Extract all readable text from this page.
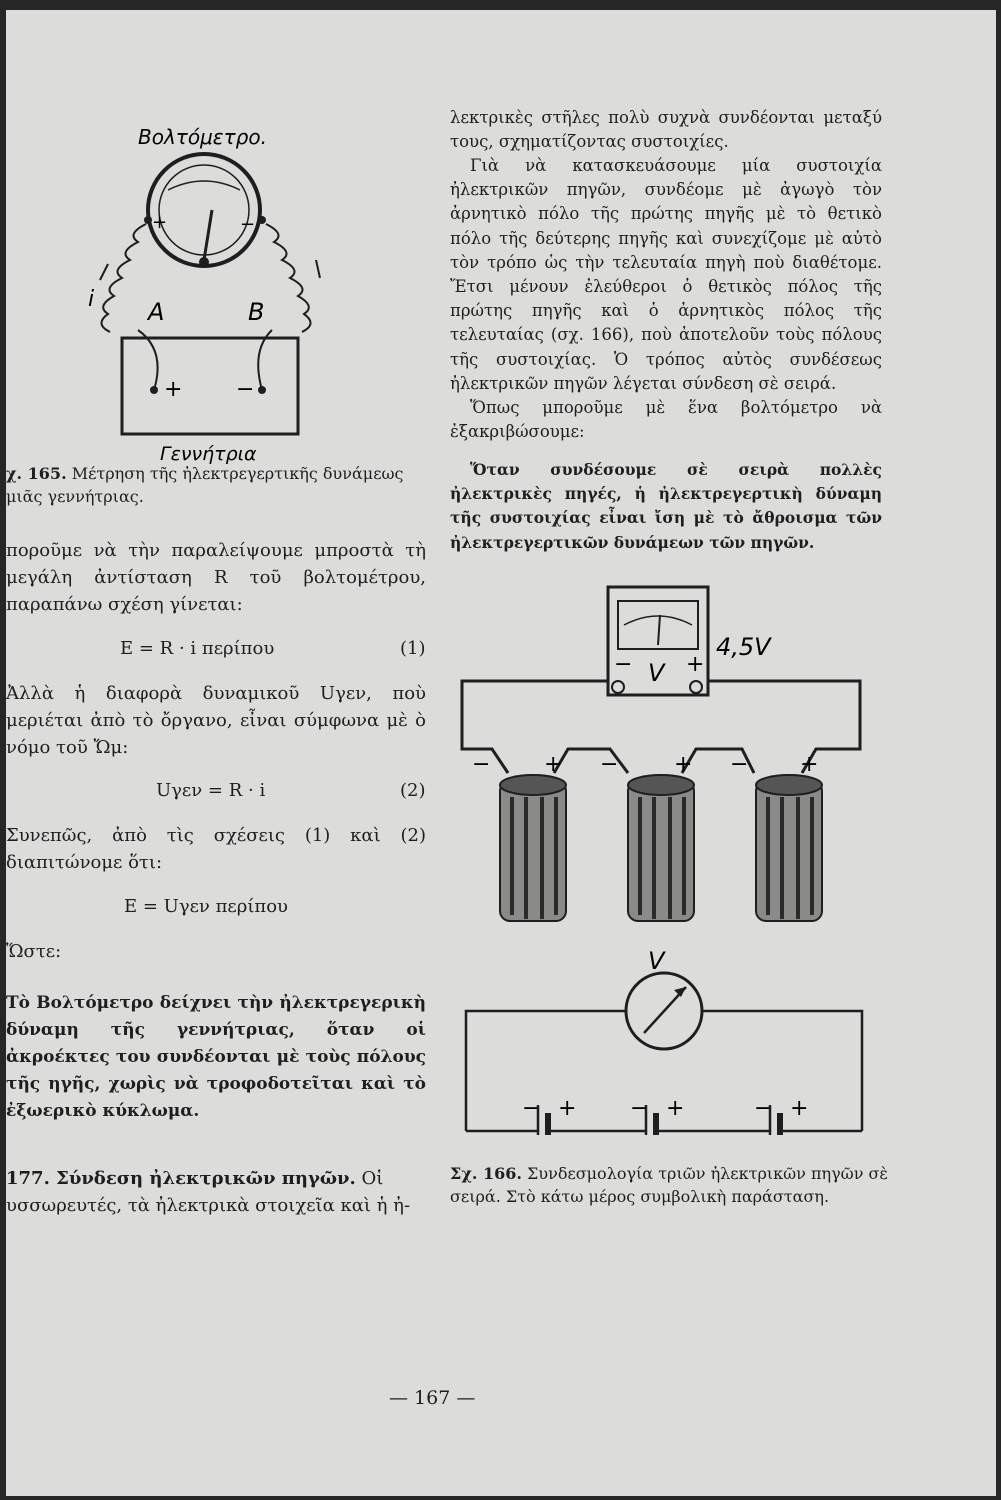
Βολτόμετρο.
+	−
i A	B
+ −
Γεννήτρια
χ. 165. Μέτρηση τῆς ἠλεκτρεγερτικῆς δυνάμεως μιᾶς γεννήτριας.
ποροῦμε νὰ τὴν παραλείψουμε μπροστὰ τὴ μεγάλη ἀντίσταση R τοῦ βολτομέτρου, παραπάνω σχέση γίνεται:
E = R · i περίπου	(1)
Ἀλλὰ ἡ διαφορὰ δυναμικοῦ Uγεν, ποὺ μεριέται ἀπὸ τὸ ὄργανο, εἶναι σύμφωνα μὲ ὸ νόμο τοῦ Ὤμ:
Uγεν = R · i	(2)
Συνεπῶς, ἀπὸ τὶς σχέσεις (1) καὶ (2) διαπιτώνομε ὅτι:
E = Uγεν περίπου
Ὥστε:
Τὸ Βολτόμετρο δείχνει τὴν ἠλεκτρεγερικὴ δύναμη τῆς γεννήτριας, ὅταν οἱ ἀκροέκτες του συνδέονται μὲ τοὺς πόλους τῆς ηγῆς, χωρὶς νὰ τροφοδοτεῖται καὶ τὸ ἐξωερικὸ κύκλωμα.
177. Σύνδεση ἠλεκτρικῶν πηγῶν. Οἱ υσσωρευτές, τὰ ἠλεκτρικὰ στοιχεῖα καὶ ἡ ἠ-
λεκτρικὲς στῆλες πολὺ συχνὰ συνδέονται μεταξύ τους, σχηματίζοντας συστοιχίες.
Γιὰ νὰ κατασκευάσουμε μία συστοιχία ἠλεκτρικῶν πηγῶν, συνδέομε μὲ ἀγωγὸ τὸν ἀρνητικὸ πόλο τῆς πρώτης πηγῆς μὲ τὸ θετικὸ πόλο τῆς δεύτερης πηγῆς καὶ συνεχίζομε μὲ αὐτὸ τὸν τρόπο ὡς τὴν τελευταία πηγὴ ποὺ διαθέτομε. Ἔτσι μένουν ἐλεύθεροι ὁ θετικὸς πόλος τῆς πρώτης πηγῆς καὶ ὁ ἀρνητικὸς πόλος τῆς τελευταίας (σχ. 166), ποὺ ἀποτελοῦν τοὺς πόλους τῆς συστοιχίας. Ὁ τρόπος αὐτὸς συνδέσεως ἠλεκτρικῶν πηγῶν λέγεται σύνδεση σὲ σειρά.
Ὅπως μποροῦμε μὲ ἕνα βολτόμετρο νὰ ἐξακριβώσουμε:
Ὅταν συνδέσουμε σὲ σειρὰ πολλὲς ἠλεκτρικὲς πηγές, ἡ ἠλεκτρεγερτικὴ δύναμη τῆς συστοιχίας εἶναι ἴση μὲ τὸ ἄθροισμα τῶν ἠλεκτρεγερτικῶν δυνάμεων τῶν πηγῶν.
V
− +
4,5V
− + −	+ − +
V
− + − +	− +
Σχ. 166. Συνδεσμολογία τριῶν ἠλεκτρικῶν πηγῶν σὲ σειρά. Στὸ κάτω μέρος συμβολικὴ παράσταση.
— 167 —
